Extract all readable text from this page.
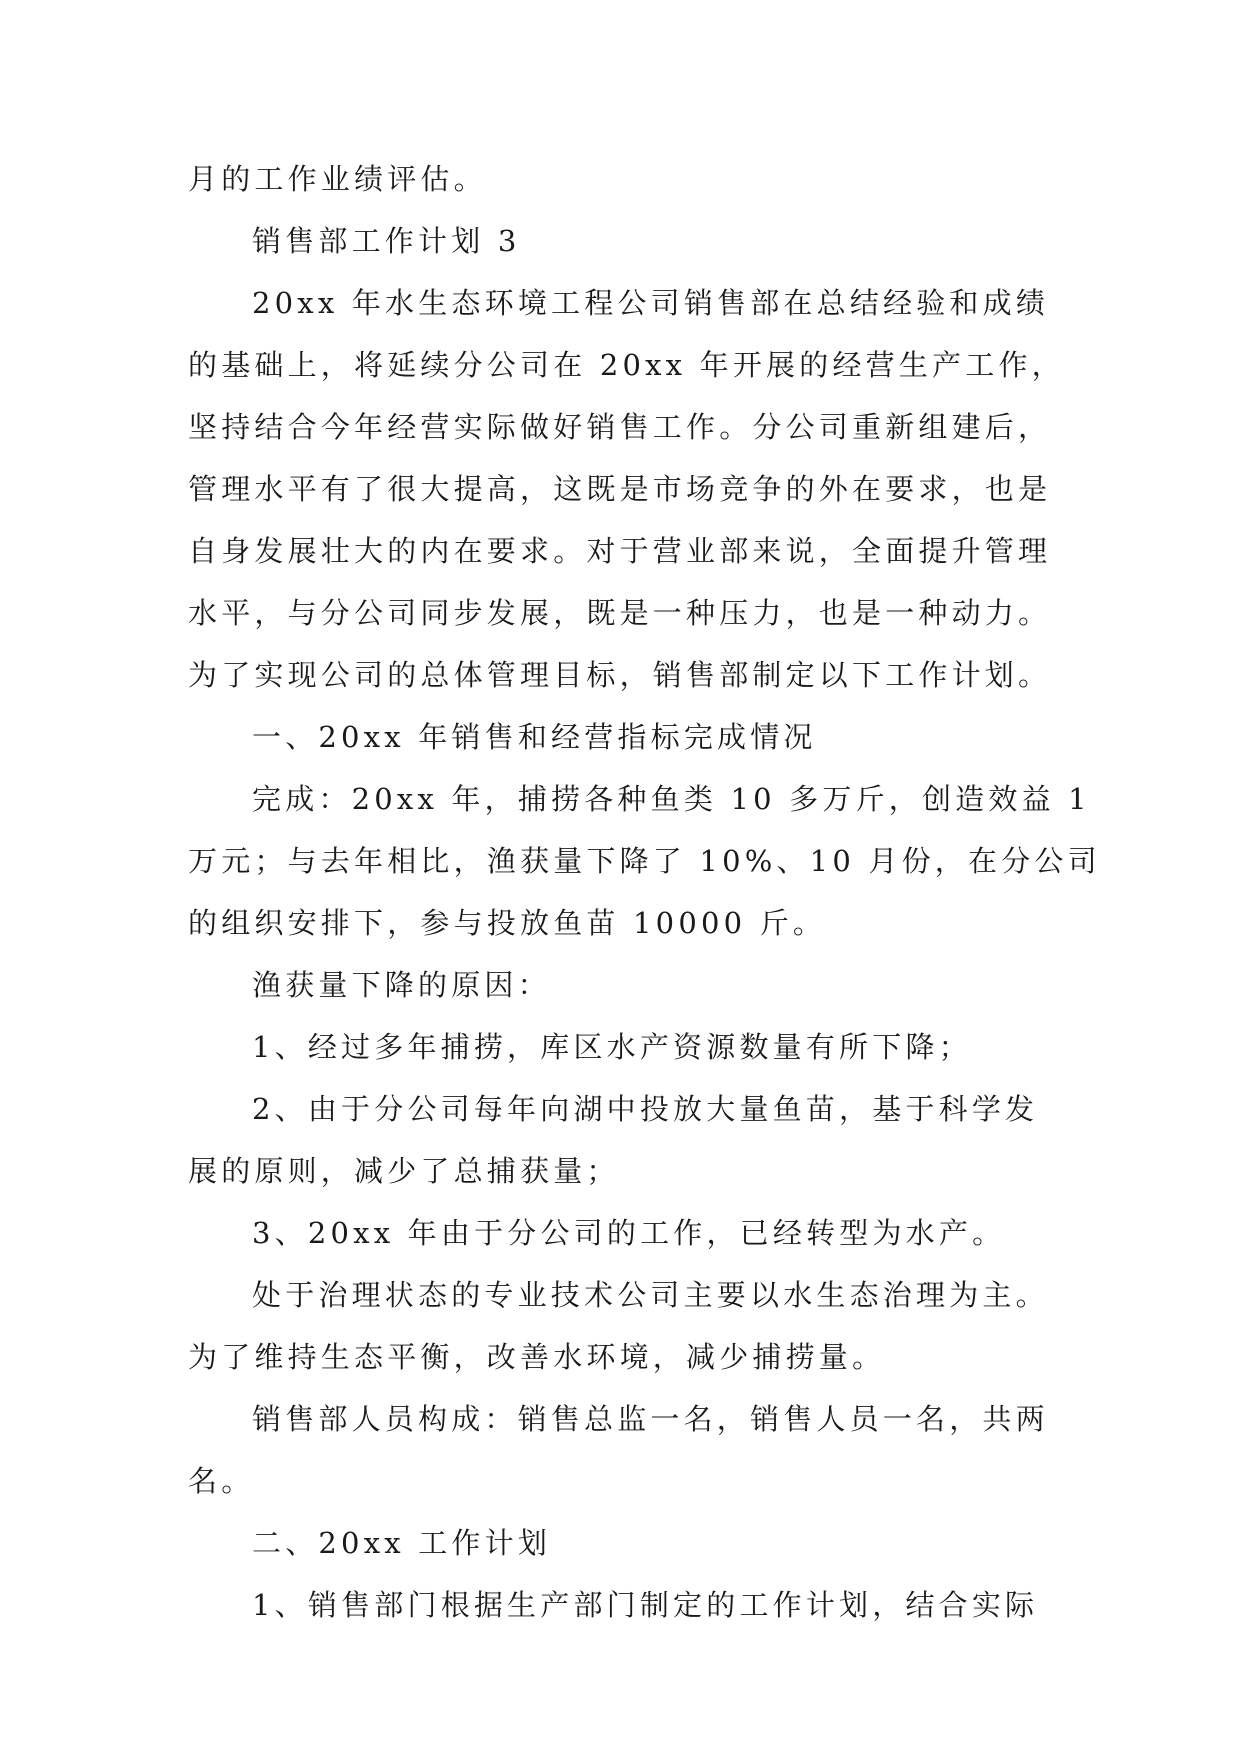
月的工作业绩评估。
销售部工作计划 3
20xx 年水生态环境工程公司销售部在总结经验和成绩
的基础上，将延续分公司在 20xx 年开展的经营生产工作，
坚持结合今年经营实际做好销售工作。分公司重新组建后，
管理水平有了很大提高，这既是市场竞争的外在要求，也是
自身发展壮大的内在要求。对于营业部来说，全面提升管理
水平，与分公司同步发展，既是一种压力，也是一种动力。
为了实现公司的总体管理目标，销售部制定以下工作计划。
一、20xx 年销售和经营指标完成情况
完成：20xx 年，捕捞各种鱼类 10 多万斤，创造效益 1
万元；与去年相比，渔获量下降了 10%、10 月份，在分公司
的组织安排下，参与投放鱼苗 10000 斤。
渔获量下降的原因：
1、经过多年捕捞，库区水产资源数量有所下降；
2、由于分公司每年向湖中投放大量鱼苗，基于科学发
展的原则，减少了总捕获量；
3、20xx 年由于分公司的工作，已经转型为水产。
处于治理状态的专业技术公司主要以水生态治理为主。
为了维持生态平衡，改善水环境，减少捕捞量。
销售部人员构成：销售总监一名，销售人员一名，共两
名。
二、20xx 工作计划
1、销售部门根据生产部门制定的工作计划，结合实际
